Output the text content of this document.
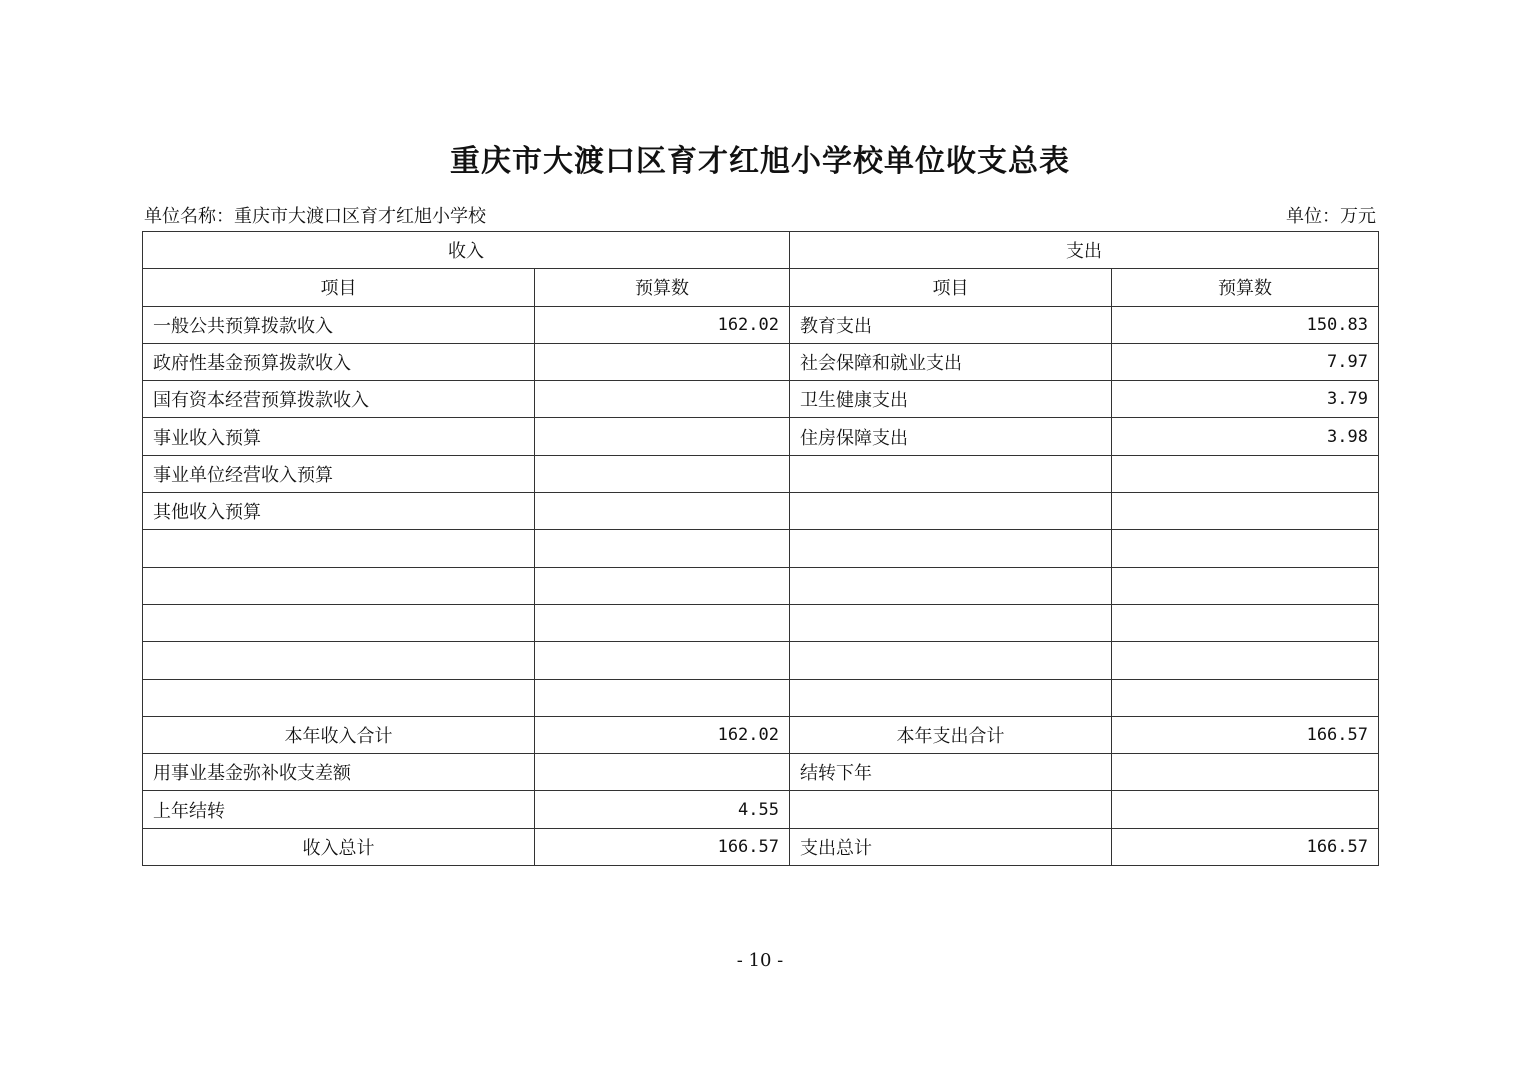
重庆市大渡口区育才红旭小学校单位收支总表
单位名称：重庆市大渡口区育才红旭小学校	单位：万元
收入		支出	
项目	预算数	项目	预算数
一般公共预算拨款收入	162.02	教育支出	150.83
政府性基金预算拨款收入		社会保障和就业支出	7.97
国有资本经营预算拨款收入		卫生健康支出	3.79
事业收入预算		住房保障支出	3.98
事业单位经营收入预算			
其他收入预算			

本年收入合计	162.02	本年支出合计	166.57
用事业基金弥补收支差额		结转下年	
上年结转	4.55		
收入总计	166.57	支出总计	166.57
- 10 -
